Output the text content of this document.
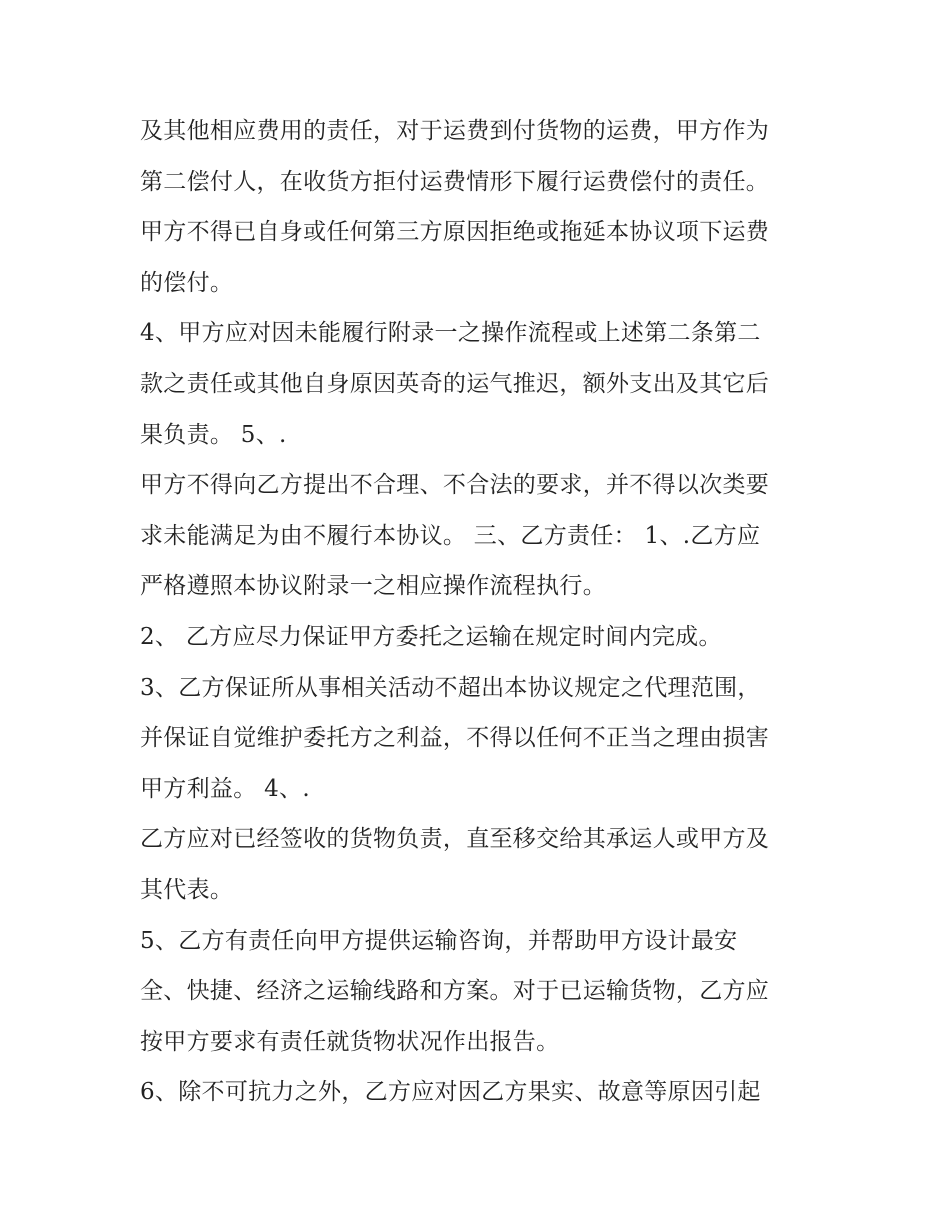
及其他相应费用的责任，对于运费到付货物的运费，甲方作为
第二偿付人，在收货方拒付运费情形下履行运费偿付的责任。
甲方不得已自身或任何第三方原因拒绝或拖延本协议项下运费
的偿付。
4、甲方应对因未能履行附录一之操作流程或上述第二条第二
款之责任或其他自身原因英奇的运气推迟，额外支出及其它后
果负责。 5、.
甲方不得向乙方提出不合理、不合法的要求，并不得以次类要
求未能满足为由不履行本协议。 三、乙方责任： 1、.乙方应
严格遵照本协议附录一之相应操作流程执行。
2、 乙方应尽力保证甲方委托之运输在规定时间内完成。
3、乙方保证所从事相关活动不超出本协议规定之代理范围，
并保证自觉维护委托方之利益，不得以任何不正当之理由损害
甲方利益。 4、.
乙方应对已经签收的货物负责，直至移交给其承运人或甲方及
其代表。
5、乙方有责任向甲方提供运输咨询，并帮助甲方设计最安
全、快捷、经济之运输线路和方案。对于已运输货物，乙方应
按甲方要求有责任就货物状况作出报告。
6、除不可抗力之外，乙方应对因乙方果实、故意等原因引起
